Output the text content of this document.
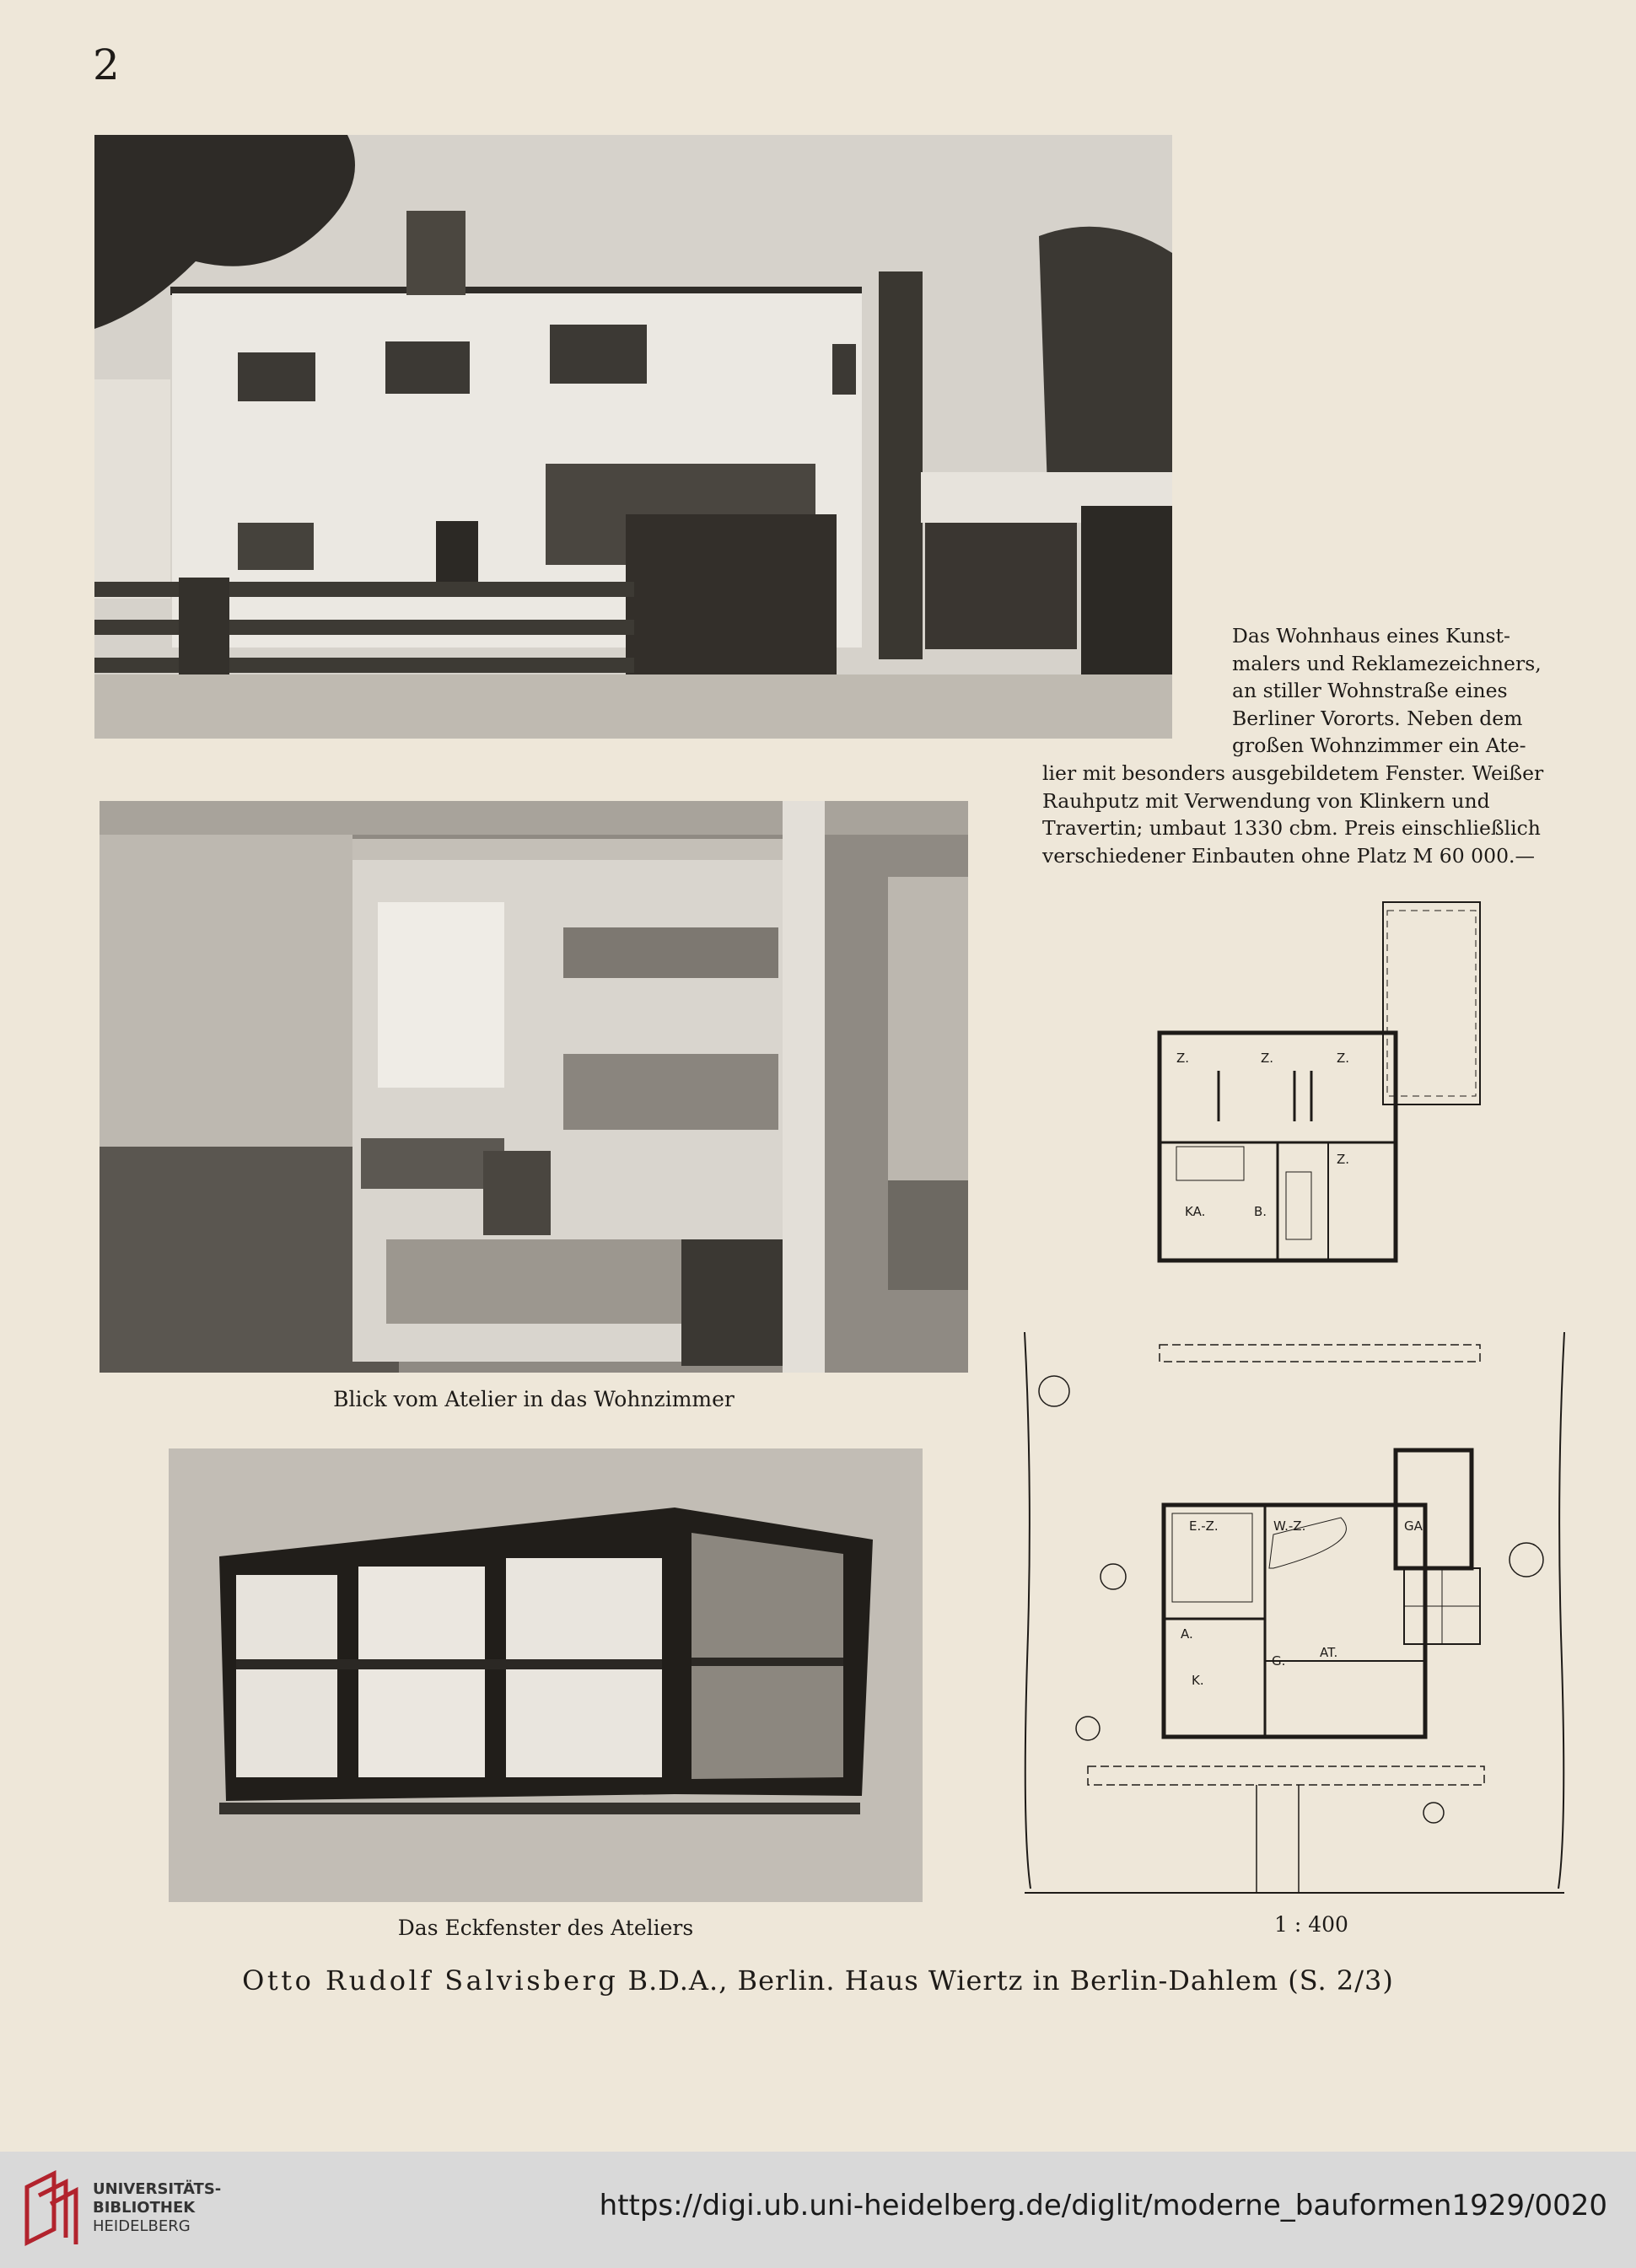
2
Blick vom Atelier in das Wohnzimmer
Das Eckfenster des Ateliers
Das Wohnhaus eines Kunst-
malers und Reklamezeichners,
an stiller Wohnstraße eines
Berliner Vororts. Neben dem
großen Wohnzimmer ein Ate-
lier mit besonders ausgebildetem Fenster. Weißer
Rauhputz mit Verwendung von Klinkern und
Travertin; umbaut 1330 cbm. Preis einschließlich
verschiedener Einbauten ohne Platz M 60 000.—
Z.	Z.	Z.
Z.
KA.	B.
E.-Z.	W.-Z.	GA.
A.
G.
AT.
K.
1 : 400
Otto Rudolf Salvisberg B.D.A., Berlin. Haus Wiertz in Berlin-Dahlem (S. 2/3)
UNIVERSITÄTS-
BIBLIOTHEK
HEIDELBERG
https://digi.ub.uni-heidelberg.de/diglit/moderne_bauformen1929/0020
